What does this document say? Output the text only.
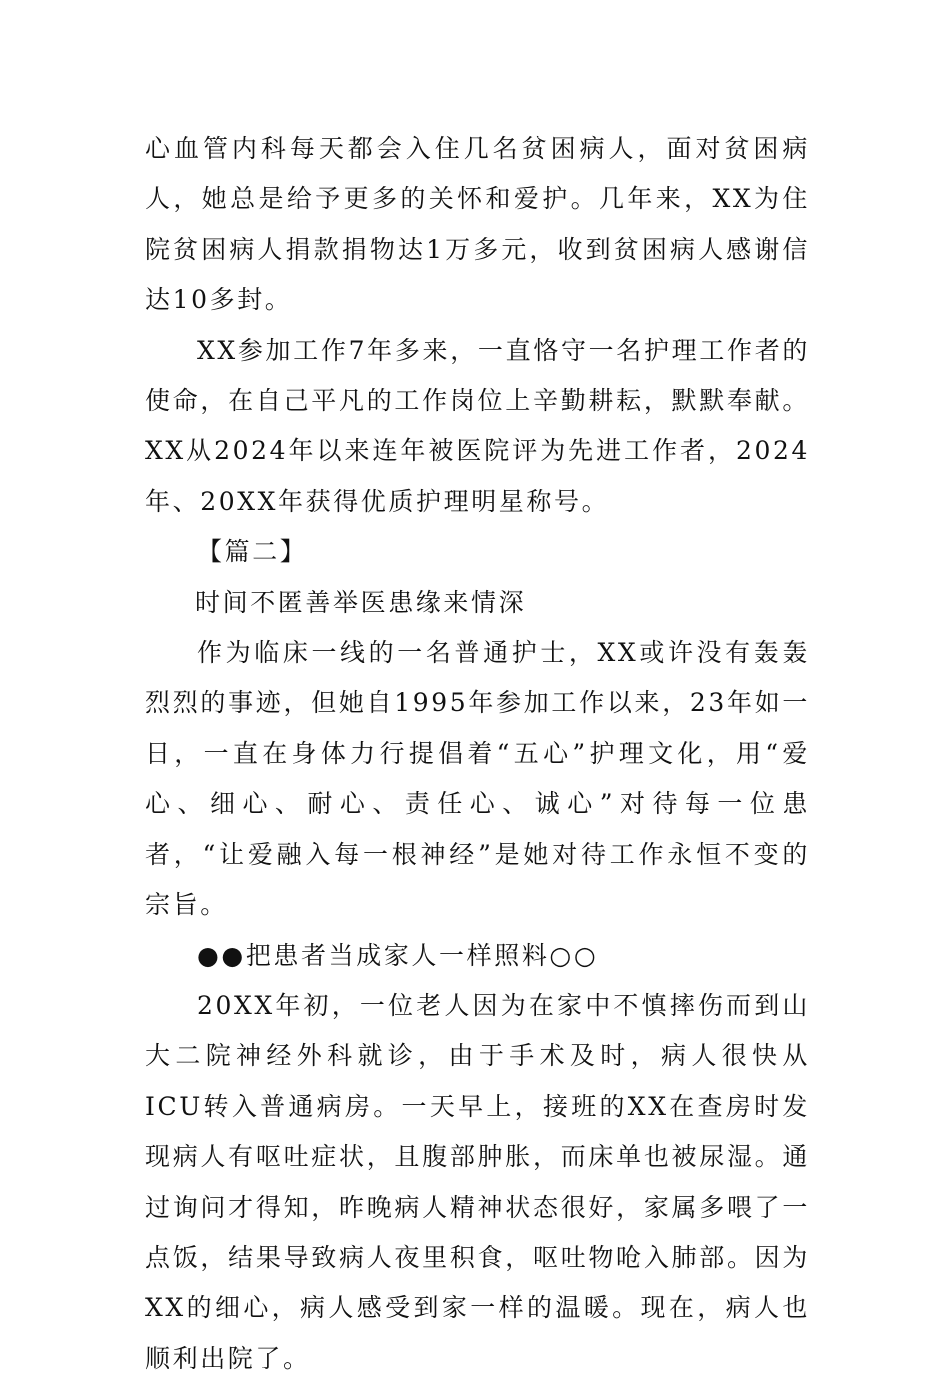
心血管内科每天都会入住几名贫困病人，面对贫困病人，她总是给予更多的关怀和爱护。几年来，XX为住院贫困病人捐款捐物达1万多元，收到贫困病人感谢信达10多封。

XX参加工作7年多来，一直恪守一名护理工作者的使命，在自己平凡的工作岗位上辛勤耕耘，默默奉献。XX从2024年以来连年被医院评为先进工作者，2024年、20XX年获得优质护理明星称号。

【篇二】

时间不匿善举医患缘来情深

作为临床一线的一名普通护士，XX或许没有轰轰烈烈的事迹，但她自1995年参加工作以来，23年如一日，一直在身体力行提倡着“五心”护理文化，用“爱心、细心、耐心、责任心、诚心”对待每一位患者，“让爱融入每一根神经”是她对待工作永恒不变的宗旨。

●●把患者当成家人一样照料○○

20XX年初，一位老人因为在家中不慎摔伤而到山大二院神经外科就诊，由于手术及时，病人很快从ICU转入普通病房。一天早上，接班的XX在查房时发现病人有呕吐症状，且腹部肿胀，而床单也被尿湿。通过询问才得知，昨晚病人精神状态很好，家属多喂了一点饭，结果导致病人夜里积食，呕吐物呛入肺部。因为XX的细心，病人感受到家一样的温暖。现在，病人也顺利出院了。
